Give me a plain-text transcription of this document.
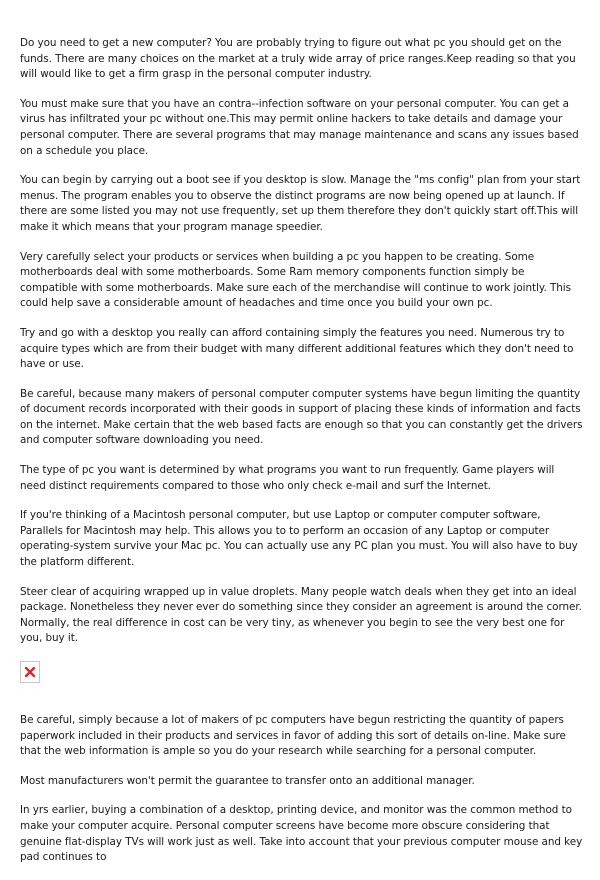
Do you need to get a new computer? You are probably trying to figure out what pc you should get on the funds. There are many choices on the market at a truly wide array of price ranges.Keep reading so that you will would like to get a firm grasp in the personal computer industry.

You must make sure that you have an contra--infection software on your personal computer. You can get a virus has infiltrated your pc without one.This may permit online hackers to take details and damage your personal computer. There are several programs that may manage maintenance and scans any issues based on a schedule you place.

You can begin by carrying out a boot see if you desktop is slow. Manage the "ms config" plan from your start menus. The program enables you to observe the distinct programs are now being opened up at launch. If there are some listed you may not use frequently, set up them therefore they don't quickly start off.This will make it which means that your program manage speedier.

Very carefully select your products or services when building a pc you happen to be creating. Some motherboards deal with some motherboards. Some Ram memory components function simply be compatible with some motherboards. Make sure each of the merchandise will continue to work jointly. This could help save a considerable amount of headaches and time once you build your own pc.

Try and go with a desktop you really can afford containing simply the features you need. Numerous try to acquire types which are from their budget with many different additional features which they don't need to have or use.

Be careful, because many makers of personal computer computer systems have begun limiting the quantity of document records incorporated with their goods in support of placing these kinds of information and facts on the internet. Make certain that the web based facts are enough so that you can constantly get the drivers and computer software downloading you need.

The type of pc you want is determined by what programs you want to run frequently. Game players will need distinct requirements compared to those who only check e-mail and surf the Internet.

If you're thinking of a Macintosh personal computer, but use Laptop or computer computer software, Parallels for Macintosh may help. This allows you to to perform an occasion of any Laptop or computer operating-system survive your Mac pc. You can actually use any PC plan you must. You will also have to buy the platform different.

Steer clear of acquiring wrapped up in value droplets. Many people watch deals when they get into an ideal package. Nonetheless they never ever do something since they consider an agreement is around the corner. Normally, the real difference in cost can be very tiny, as whenever you begin to see the very best one for you, buy it.

Be careful, simply because a lot of makers of pc computers have begun restricting the quantity of papers paperwork included in their products and services in favor of adding this sort of details on-line. Make sure that the web information is ample so you do your research while searching for a personal computer.

Most manufacturers won't permit the guarantee to transfer onto an additional manager.

In yrs earlier, buying a combination of a desktop, printing device, and monitor was the common method to make your computer acquire. Personal computer screens have become more obscure considering that genuine flat-display TVs will work just as well. Take into account that your previous computer mouse and key pad continues to
